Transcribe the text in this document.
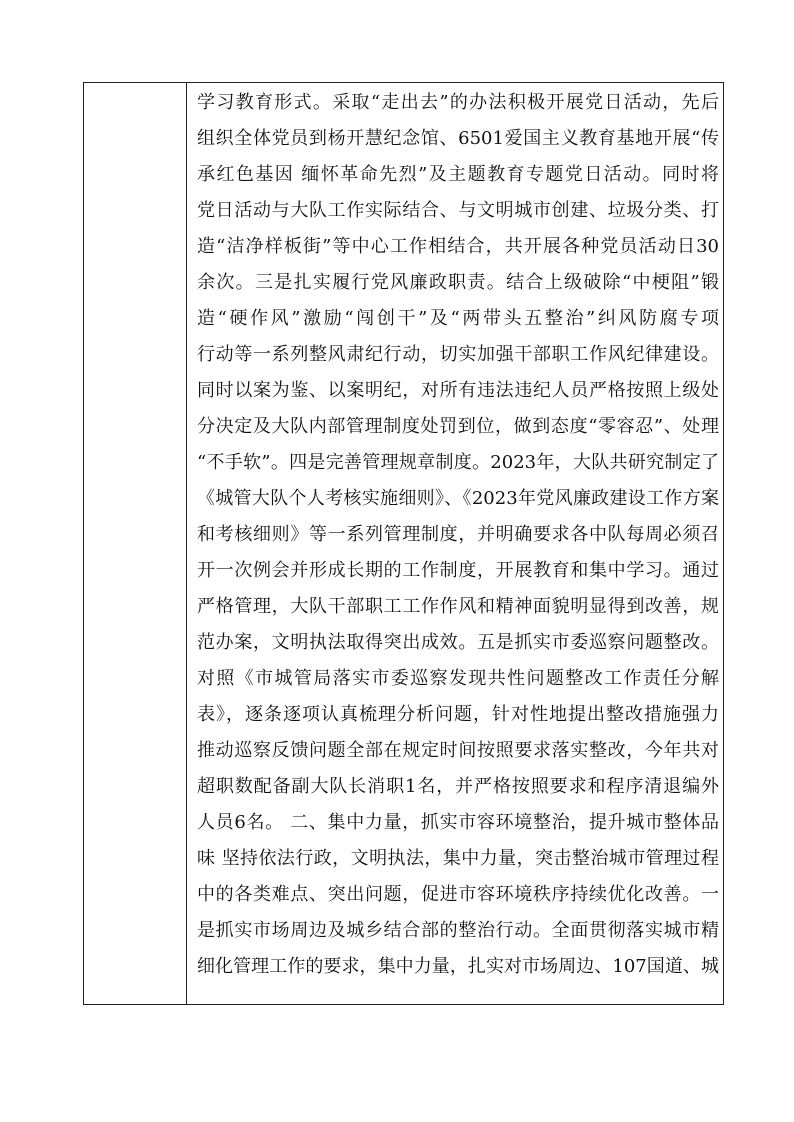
学习教育形式。采取“走出去”的办法积极开展党日活动，先后
组织全体党员到杨开慧纪念馆、6501爱国主义教育基地开展“传
承红色基因 缅怀革命先烈”及主题教育专题党日活动。同时将
党日活动与大队工作实际结合、与文明城市创建、垃圾分类、打
造“洁净样板街”等中心工作相结合，共开展各种党员活动日30
余次。三是扎实履行党风廉政职责。结合上级破除“中梗阻”锻
造“硬作风”激励“闯创干”及“两带头五整治”纠风防腐专项
行动等一系列整风肃纪行动，切实加强干部职工作风纪律建设。
同时以案为鉴、以案明纪，对所有违法违纪人员严格按照上级处
分决定及大队内部管理制度处罚到位，做到态度“零容忍”、处理
“不手软”。四是完善管理规章制度。2023年，大队共研究制定了
《城管大队个人考核实施细则》、《2023年党风廉政建设工作方案
和考核细则》等一系列管理制度，并明确要求各中队每周必须召
开一次例会并形成长期的工作制度，开展教育和集中学习。通过
严格管理，大队干部职工工作作风和精神面貌明显得到改善，规
范办案，文明执法取得突出成效。五是抓实市委巡察问题整改。
对照《市城管局落实市委巡察发现共性问题整改工作责任分解
表》，逐条逐项认真梳理分析问题，针对性地提出整改措施强力
推动巡察反馈问题全部在规定时间按照要求落实整改，今年共对
超职数配备副大队长消职1名，并严格按照要求和程序清退编外
人员6名。 二、集中力量，抓实市容环境整治，提升城市整体品
味 坚持依法行政，文明执法，集中力量，突击整治城市管理过程
中的各类难点、突出问题，促进市容环境秩序持续优化改善。一
是抓实市场周边及城乡结合部的整治行动。全面贯彻落实城市精
细化管理工作的要求，集中力量，扎实对市场周边、107国道、城
